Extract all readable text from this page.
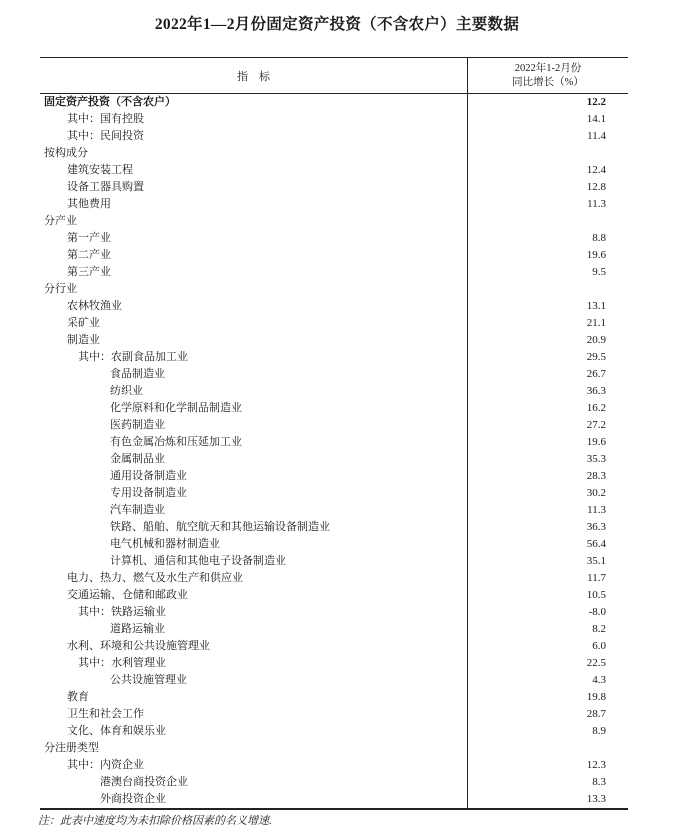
2022年1—2月份固定资产投资（不含农户）主要数据
指　标
2022年1-2月份
同比增长（%）
固定资产投资（不含农户）	12.2
其中：国有控股	14.1
其中：民间投资	11.4
按构成分
建筑安装工程	12.4
设备工器具购置	12.8
其他费用	11.3
分产业
第一产业	8.8
第二产业	19.6
第三产业	9.5
分行业
农林牧渔业	13.1
采矿业	21.1
制造业	20.9
其中：农副食品加工业	29.5
食品制造业	26.7
纺织业	36.3
化学原料和化学制品制造业	16.2
医药制造业	27.2
有色金属冶炼和压延加工业	19.6
金属制品业	35.3
通用设备制造业	28.3
专用设备制造业	30.2
汽车制造业	11.3
铁路、船舶、航空航天和其他运输设备制造业	36.3
电气机械和器材制造业	56.4
计算机、通信和其他电子设备制造业	35.1
电力、热力、燃气及水生产和供应业	11.7
交通运输、仓储和邮政业	10.5
其中：铁路运输业	-8.0
道路运输业	8.2
水利、环境和公共设施管理业	6.0
其中：水利管理业	22.5
公共设施管理业	4.3
教育	19.8
卫生和社会工作	28.7
文化、体育和娱乐业	8.9
分注册类型
其中：内资企业	12.3
港澳台商投资企业	8.3
外商投资企业	13.3
注：此表中速度均为未扣除价格因素的名义增速.
